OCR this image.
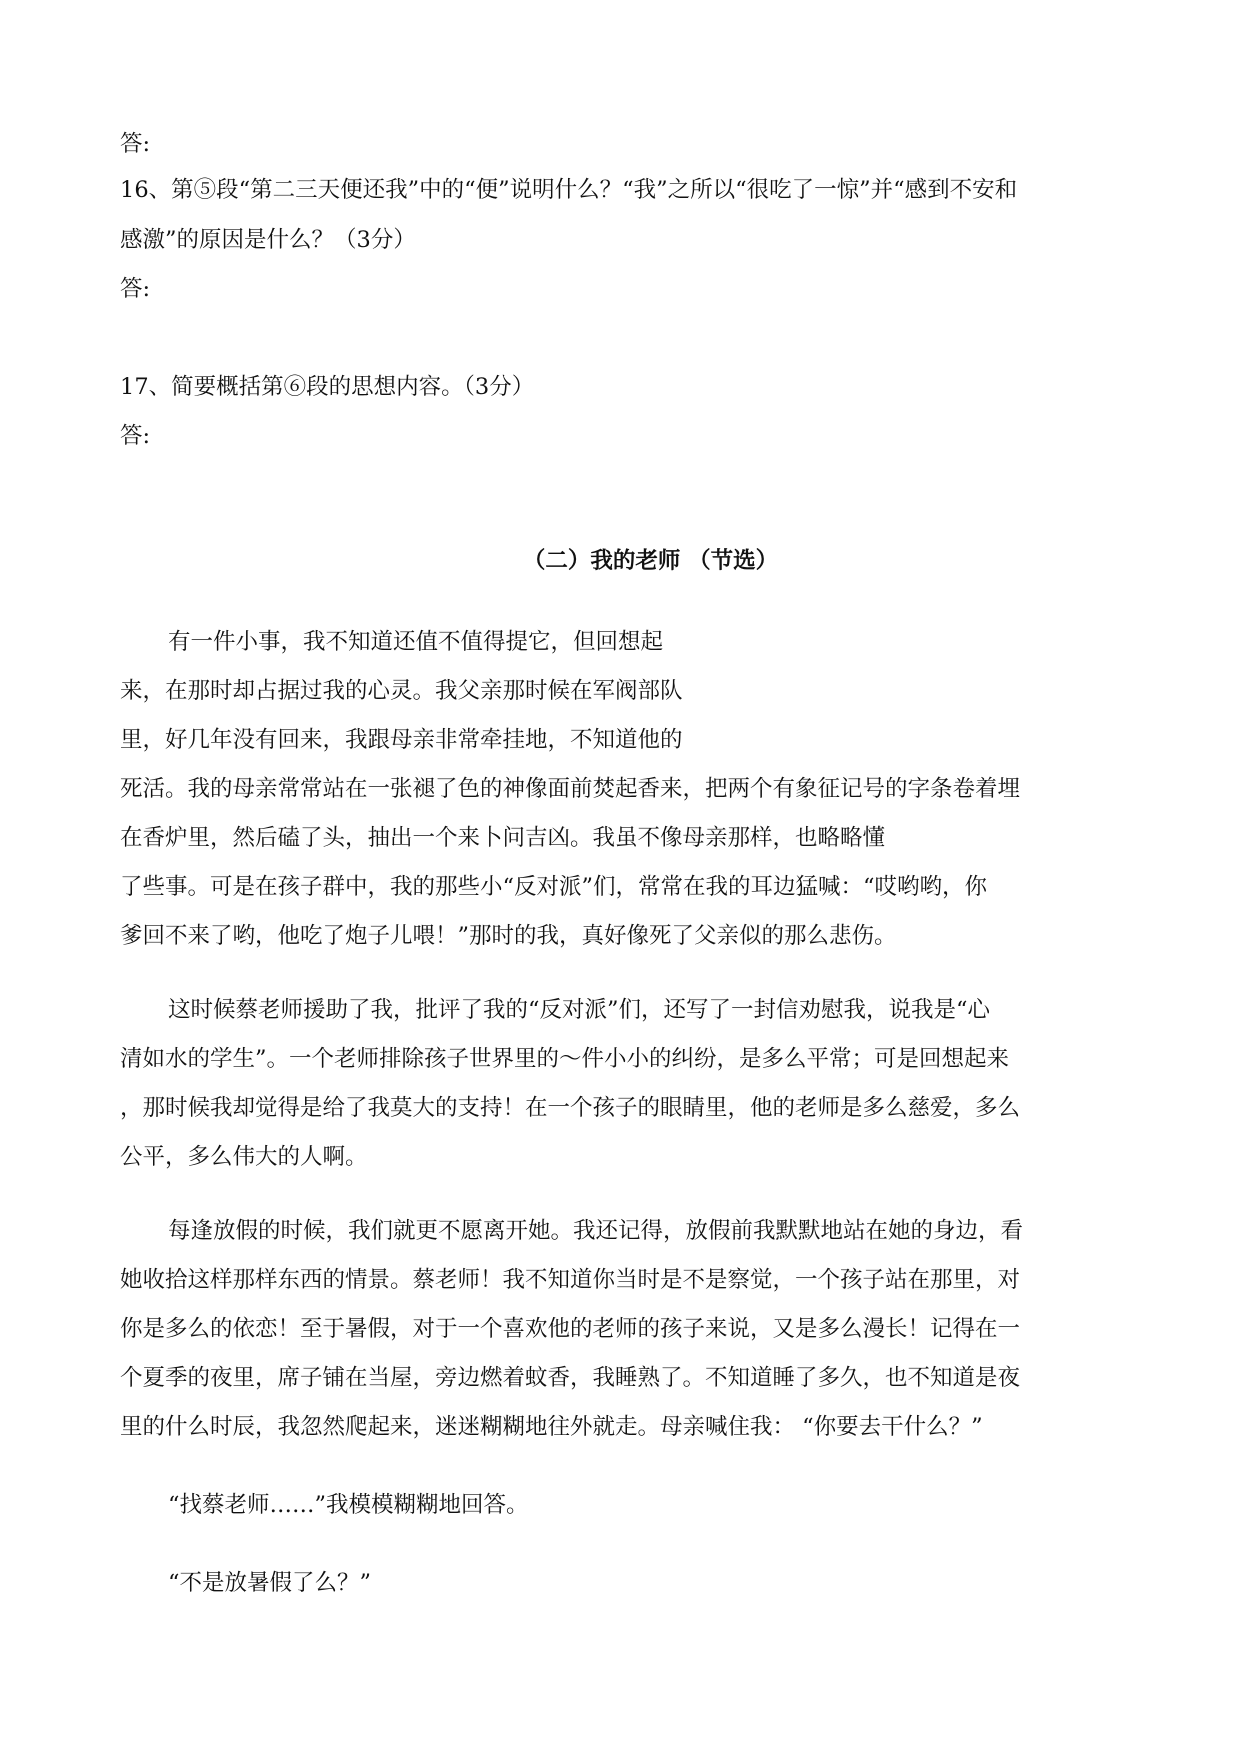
答:
16、第⑤段“第二三天便还我”中的“便”说明什么？“我”之所以“很吃了一惊”并“感到不安和
感激”的原因是什么？（3分）
答:
17、简要概括第⑥段的思想内容。（3分）
答:
（二）我的老师 （节选）
有一件小事，我不知道还值不值得提它，但回想起
来，在那时却占据过我的心灵。我父亲那时候在军阀部队
里，好几年没有回来，我跟母亲非常牵挂地，不知道他的
死活。我的母亲常常站在一张褪了色的神像面前焚起香来，把两个有象征记号的字条卷着埋
在香炉里，然后磕了头，抽出一个来卜问吉凶。我虽不像母亲那样，也略略懂
了些事。可是在孩子群中，我的那些小“反对派”们，常常在我的耳边猛喊：“哎哟哟，你
爹回不来了哟，他吃了炮子儿喂！”那时的我，真好像死了父亲似的那么悲伤。
这时候蔡老师援助了我，批评了我的“反对派”们，还写了一封信劝慰我，说我是“心
清如水的学生”。一个老师排除孩子世界里的～件小小的纠纷，是多么平常；可是回想起来
，那时候我却觉得是给了我莫大的支持！在一个孩子的眼睛里，他的老师是多么慈爱，多么
公平，多么伟大的人啊。
每逢放假的时候，我们就更不愿离开她。我还记得，放假前我默默地站在她的身边，看
她收拾这样那样东西的情景。蔡老师！我不知道你当时是不是察觉，一个孩子站在那里，对
你是多么的依恋！至于暑假，对于一个喜欢他的老师的孩子来说，又是多么漫长！记得在一
个夏季的夜里，席子铺在当屋，旁边燃着蚊香，我睡熟了。不知道睡了多久，也不知道是夜
里的什么时辰，我忽然爬起来，迷迷糊糊地往外就走。母亲喊住我： “你要去干什么？”
“找蔡老师……”我模模糊糊地回答。
“不是放暑假了么？”
